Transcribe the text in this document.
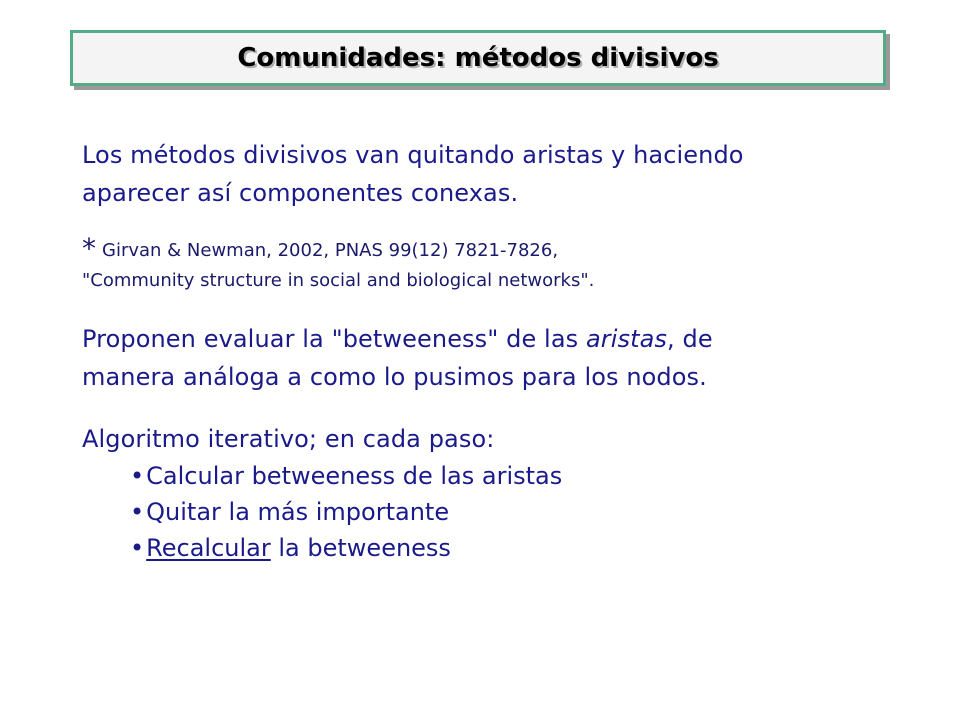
Comunidades: métodos divisivos

Los métodos divisivos van quitando aristas y haciendo

aparecer así componentes conexas.

* Girvan & Newman, 2002, PNAS 99(12) 7821-7826,

"Community structure in social and biological networks".

Proponen evaluar la "betweeness" de las aristas, de

manera análoga a como lo pusimos para los nodos.

Algoritmo iterativo; en cada paso:

•Calcular betweeness de las aristas
•Quitar la más importante
•Recalcular la betweeness
